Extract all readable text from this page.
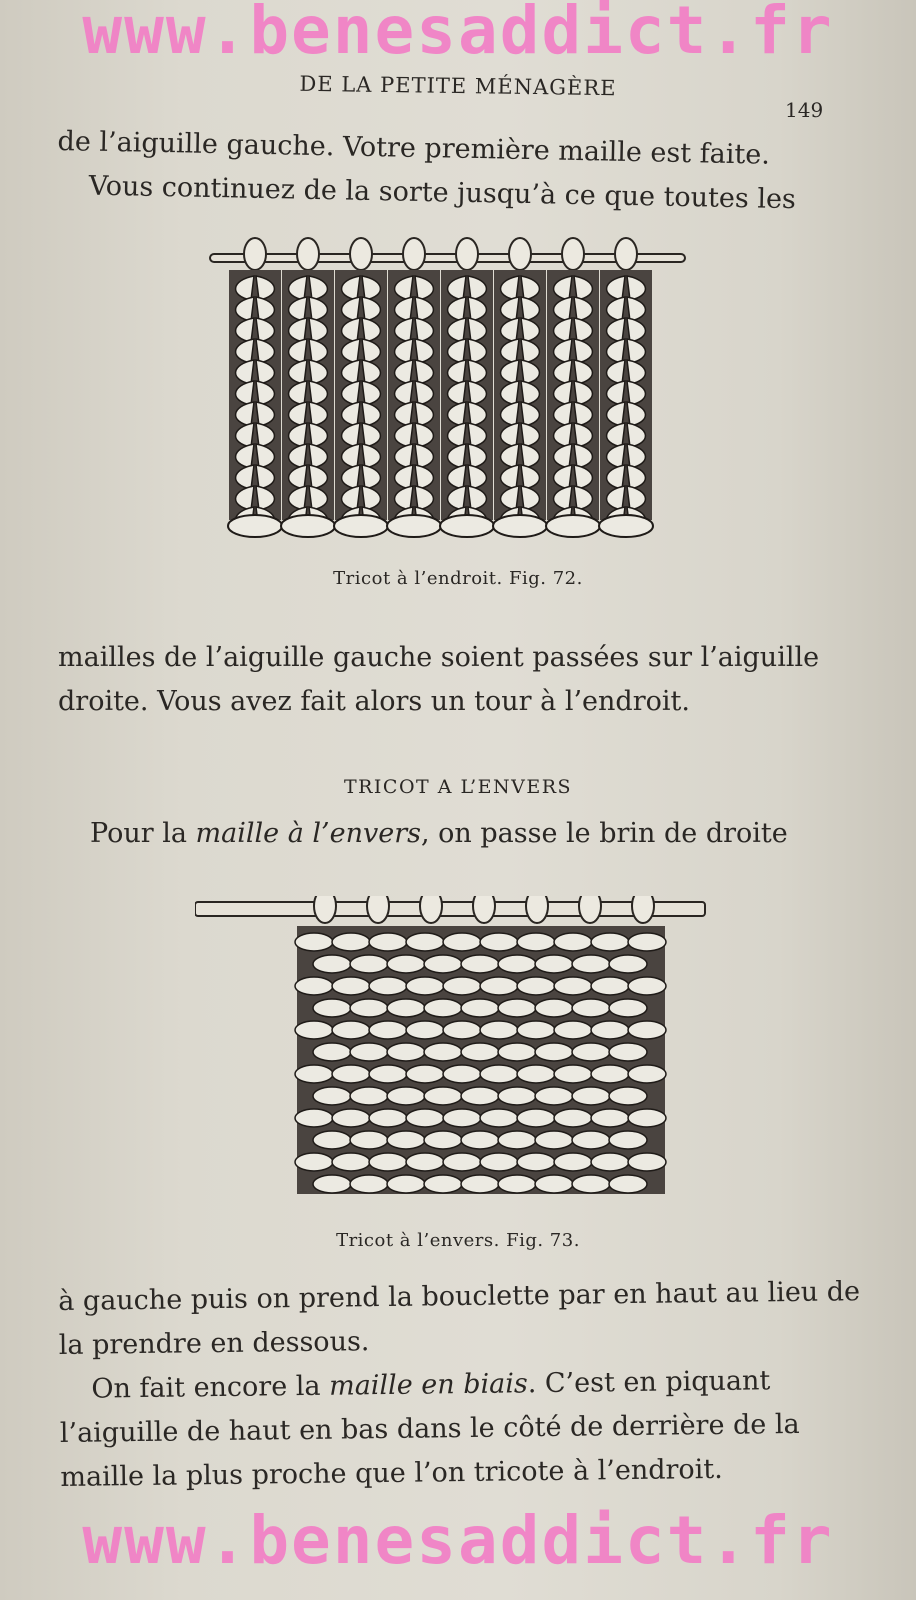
www.benesaddict.fr
DE LA PETITE MÉNAGÈRE
149

de l’aiguille gauche. Votre première maille est faite.
Vous continuez de la sorte jusqu’à ce que toutes les

Tricot à l’endroit. Fig. 72.

mailles de l’aiguille gauche soient passées sur l’aiguille droite. Vous avez fait alors un tour à l’endroit.

TRICOT A L’ENVERS

Pour la maille à l’envers, on passe le brin de droite

Tricot à l’envers. Fig. 73.

à gauche puis on prend la bouclette par en haut au lieu de la prendre en dessous.

On fait encore la maille en biais. C’est en piquant l’aiguille de haut en bas dans le côté de derrière de la maille la plus proche que l’on tricote à l’endroit.

www.benesaddict.fr
